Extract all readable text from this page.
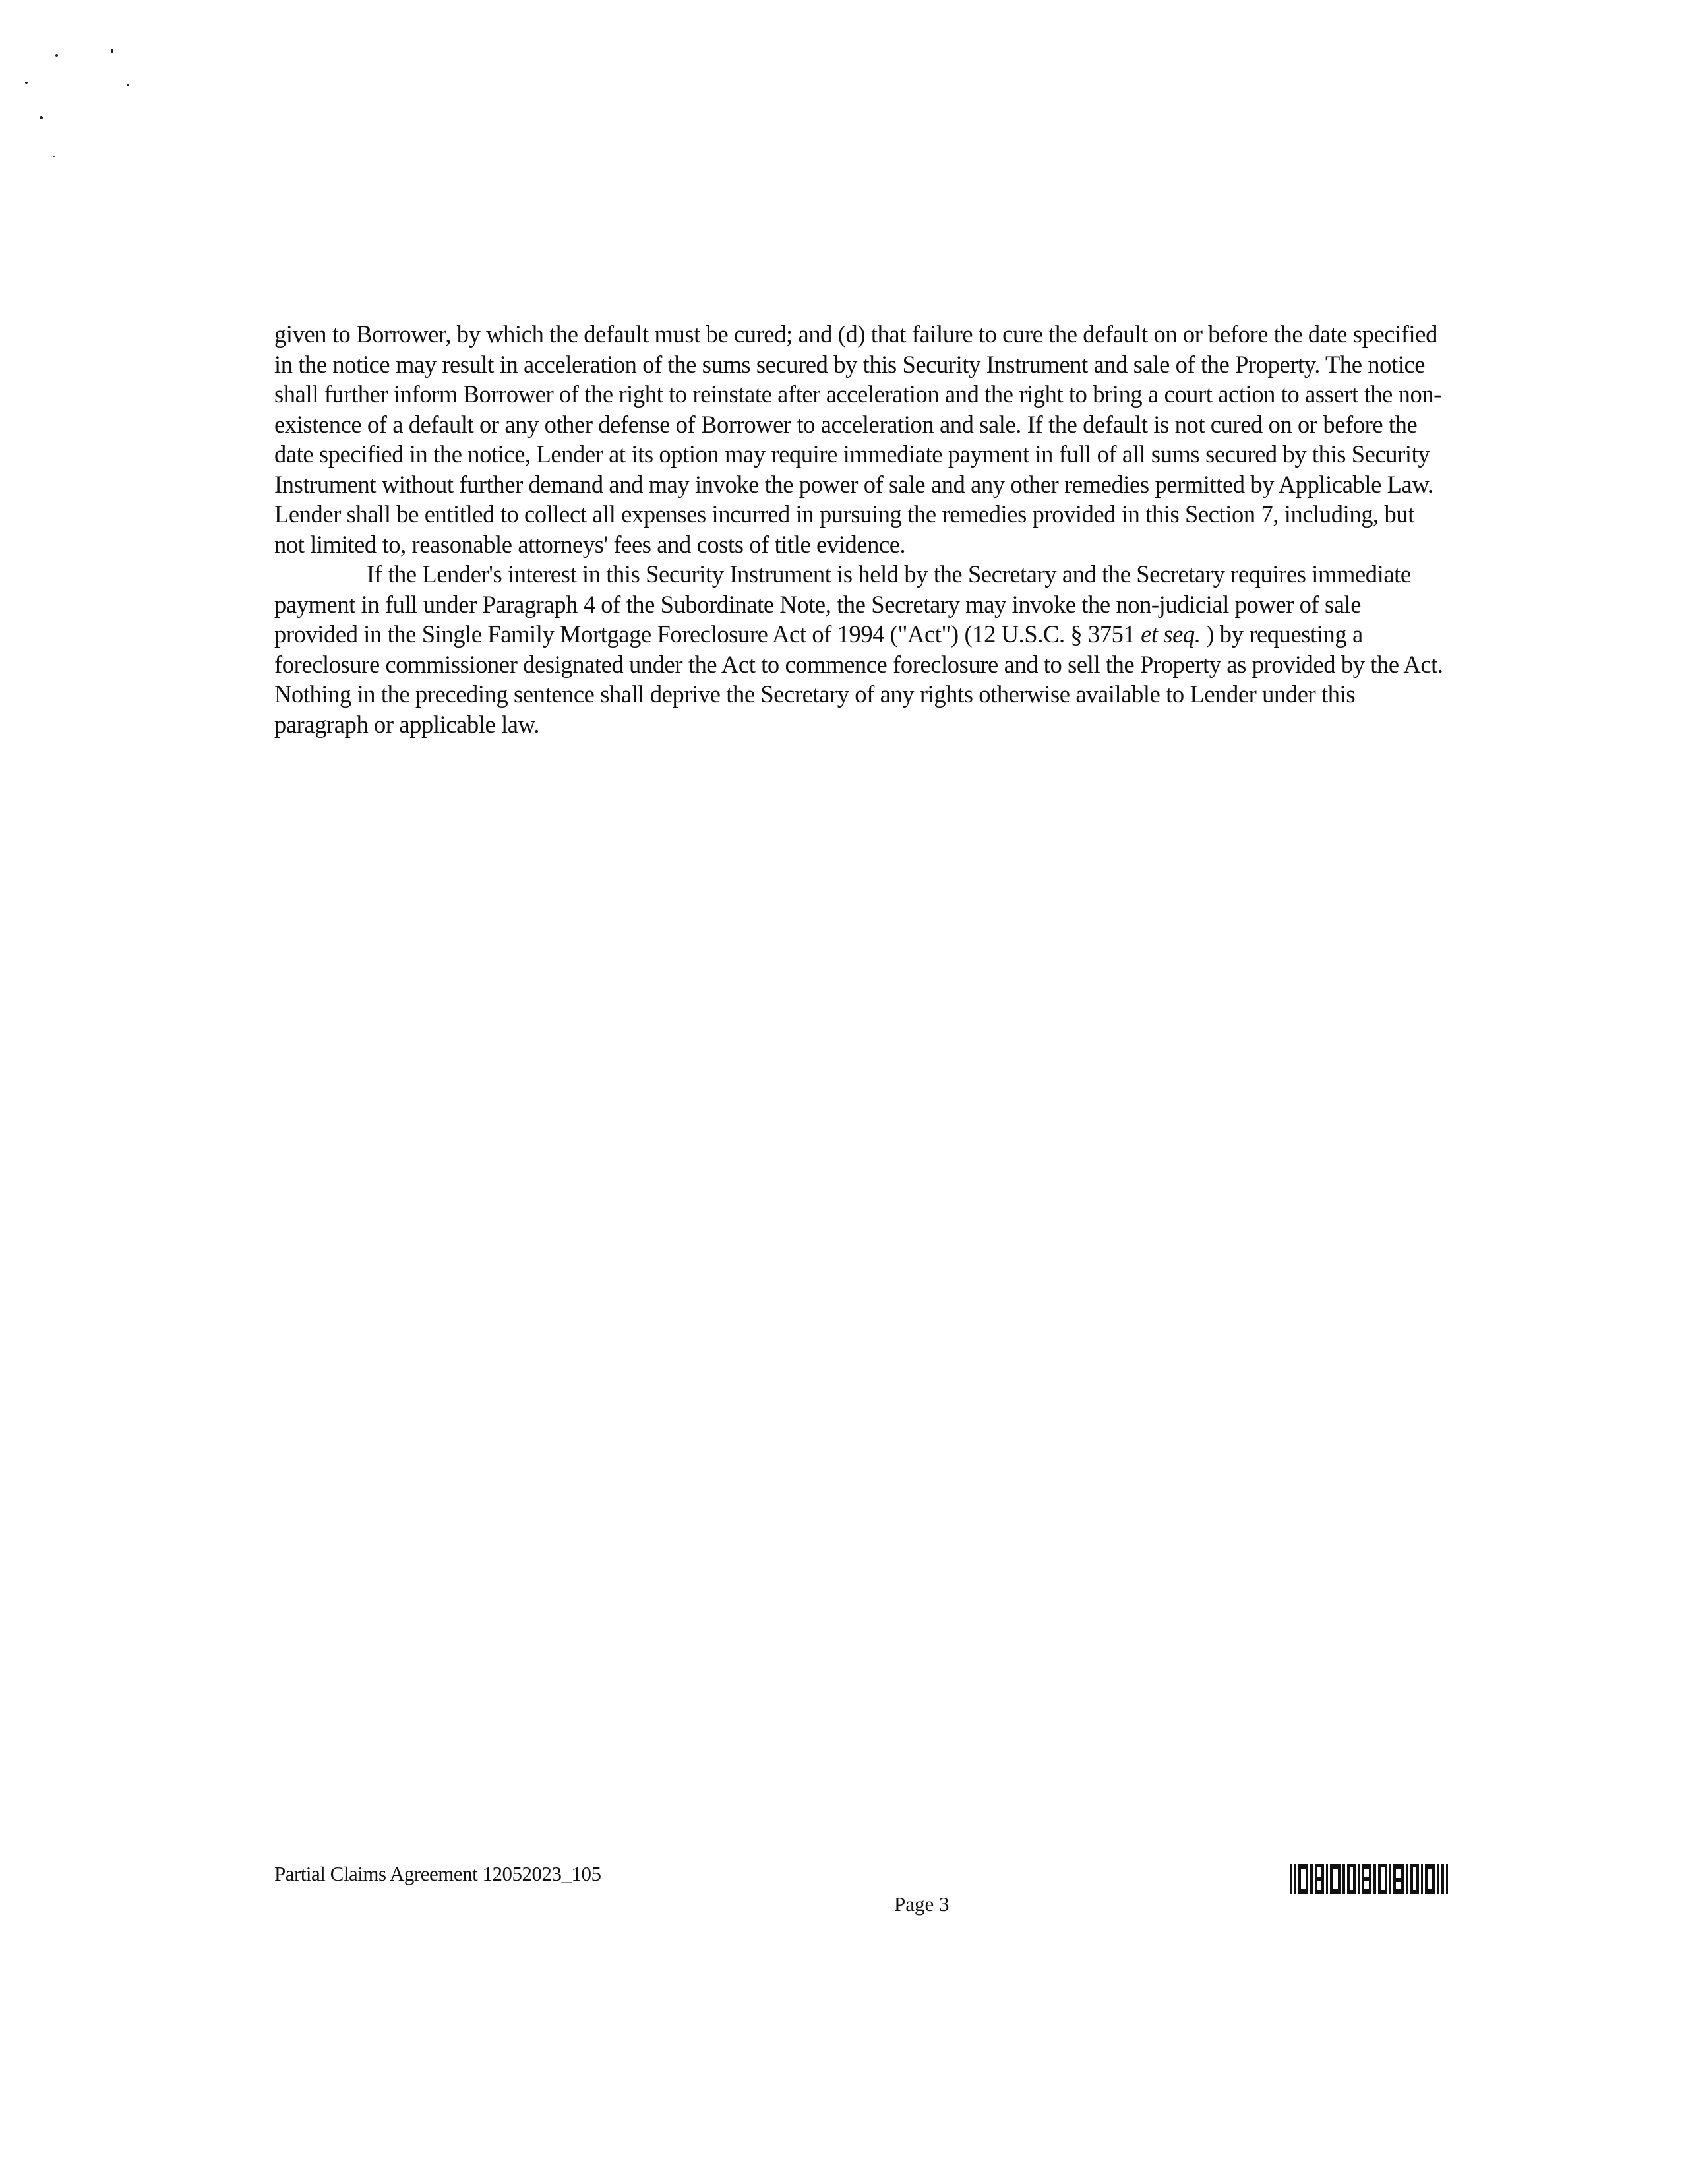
given to Borrower, by which the default must be cured; and (d) that failure to cure the default on or before the date specified in the notice may result in acceleration of the sums secured by this Security Instrument and sale of the Property. The notice shall further inform Borrower of the right to reinstate after acceleration and the right to bring a court action to assert the non-existence of a default or any other defense of Borrower to acceleration and sale. If the default is not cured on or before the date specified in the notice, Lender at its option may require immediate payment in full of all sums secured by this Security Instrument without further demand and may invoke the power of sale and any other remedies permitted by Applicable Law. Lender shall be entitled to collect all expenses incurred in pursuing the remedies provided in this Section 7, including, but not limited to, reasonable attorneys' fees and costs of title evidence.

If the Lender's interest in this Security Instrument is held by the Secretary and the Secretary requires immediate payment in full under Paragraph 4 of the Subordinate Note, the Secretary may invoke the non-judicial power of sale provided in the Single Family Mortgage Foreclosure Act of 1994 ("Act") (12 U.S.C. § 3751 et seq. ) by requesting a foreclosure commissioner designated under the Act to commence foreclosure and to sell the Property as provided by the Act. Nothing in the preceding sentence shall deprive the Secretary of any rights otherwise available to Lender under this paragraph or applicable law.

Partial Claims Agreement 12052023_105
Page 3
